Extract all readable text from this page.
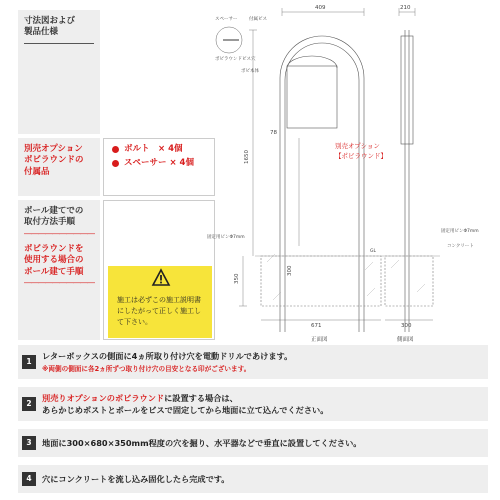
寸法図および
製品仕様
別売オプション
ポビラウンドの
付属品
ボルト　× 4個
スペーサー × 4個
ポール建てでの
取付方法手順
――――――――――
ポビラウンドを
使用する場合の
ポール建て手順
――――――――――
施工は必ずこの施工説明書にしたがって正しく施工して下さい。
409	210
1650
350
671	300
78
300
スペーサー	付属ビス
ポビラウンドビス穴
ポビ本体
別売オプション
【ポビラウンド】
固定用ピンΦ7mm
固定用ピンΦ7mm
コンクリート
GL
正面図	側面図
1
レターボックスの側面に4ヵ所取り付け穴を電動ドリルであけます。
※両側の側面に各2ヵ所ずつ取り付け穴の目安となる印がございます。
2
別売りオプションのポビラウンドに設置する場合は、
あらかじめポストとポールをビスで固定してから地面に立て込んでください。
3	地面に300×680×350mm程度の穴を掘り、水平器などで垂直に設置してください。
4	穴にコンクリートを流し込み固化したら完成です。
